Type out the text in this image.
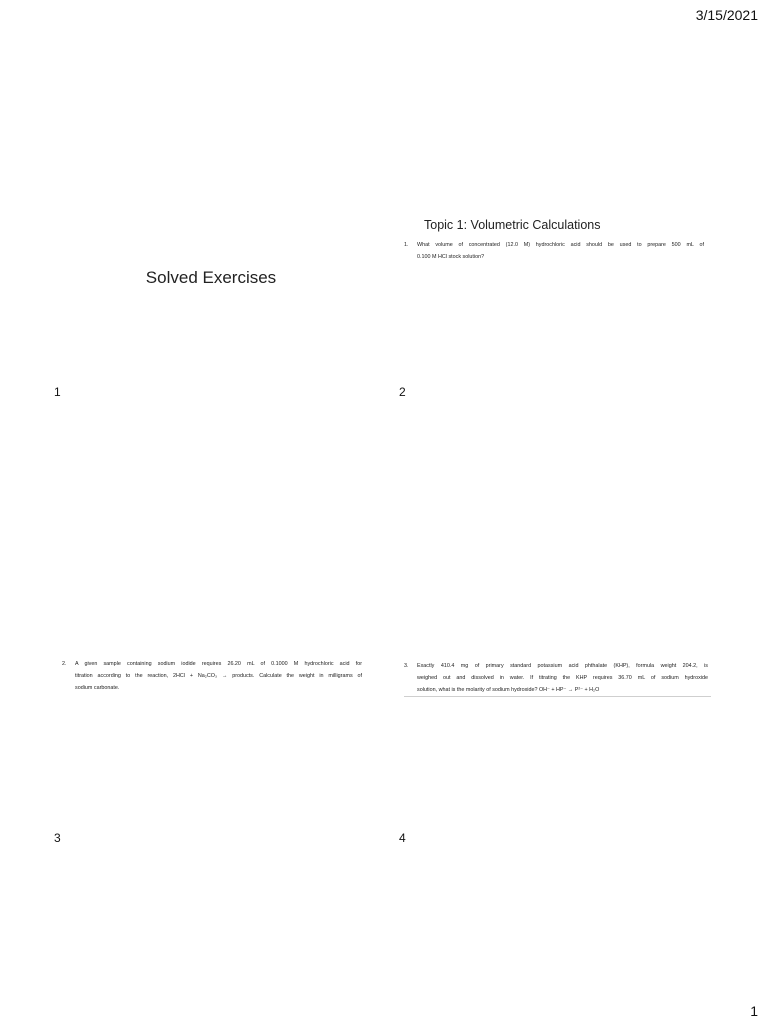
3/15/2021
1
Solved Exercises
1
Topic 1: Volumetric Calculations
1. What volume of concentrated (12.0 M) hydrochloric acid should be used to prepare 500 mL of
0.100 M HCl stock solution?
2
2. A given sample containing sodium iodide requires 26.20 mL of 0.1000 M hydrochloric acid for
titration according to the reaction, 2HCl + Na₂CO₃ → products. Calculate the weight in milligrams of
sodium carbonate.
3
3. Exactly 410.4 mg of primary standard potassium acid phthalate (KHP), formula weight 204.2, is
weighed out and dissolved in water. If titrating the KHP requires 36.70 mL of sodium hydroxide
solution, what is the molarity of sodium hydroxide? OH⁻ + HP⁻ → P²⁻ + H₂O
4
